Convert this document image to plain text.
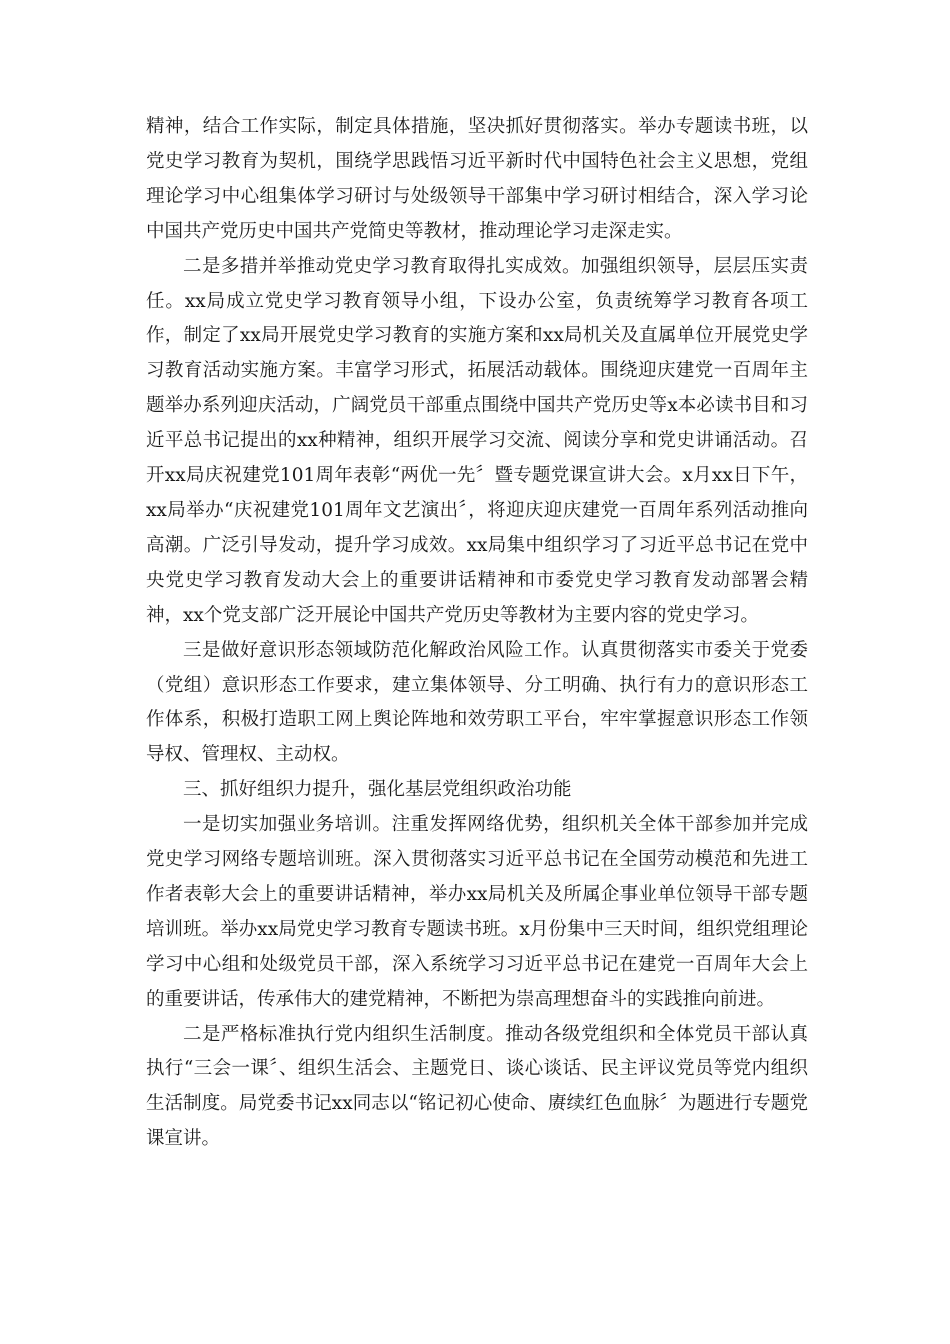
精神，结合工作实际，制定具体措施，坚决抓好贯彻落实。举办专题读书班，以党史学习教育为契机，围绕学思践悟习近平新时代中国特色社会主义思想，党组理论学习中心组集体学习研讨与处级领导干部集中学习研讨相结合，深入学习论中国共产党历史中国共产党简史等教材，推动理论学习走深走实。

二是多措并举推动党史学习教育取得扎实成效。加强组织领导，层层压实责任。xx局成立党史学习教育领导小组，下设办公室，负责统筹学习教育各项工作，制定了xx局开展党史学习教育的实施方案和xx局机关及直属单位开展党史学习教育活动实施方案。丰富学习形式，拓展活动载体。围绕迎庆建党一百周年主题举办系列迎庆活动，广阔党员干部重点围绕中国共产党历史等x本必读书目和习近平总书记提出的xx种精神，组织开展学习交流、阅读分享和党史讲诵活动。召开xx局庆祝建党101周年表彰“两优一先〞暨专题党课宣讲大会。x月xx日下午，xx局举办“庆祝建党101周年文艺演出〞，将迎庆迎庆建党一百周年系列活动推向高潮。广泛引导发动，提升学习成效。xx局集中组织学习了习近平总书记在党中央党史学习教育发动大会上的重要讲话精神和市委党史学习教育发动部署会精神，xx个党支部广泛开展论中国共产党历史等教材为主要内容的党史学习。

三是做好意识形态领域防范化解政治风险工作。认真贯彻落实市委关于党委（党组）意识形态工作要求，建立集体领导、分工明确、执行有力的意识形态工作体系，积极打造职工网上舆论阵地和效劳职工平台，牢牢掌握意识形态工作领导权、管理权、主动权。

三、抓好组织力提升，强化基层党组织政治功能

一是切实加强业务培训。注重发挥网络优势，组织机关全体干部参加并完成党史学习网络专题培训班。深入贯彻落实习近平总书记在全国劳动模范和先进工作者表彰大会上的重要讲话精神，举办xx局机关及所属企事业单位领导干部专题培训班。举办xx局党史学习教育专题读书班。x月份集中三天时间，组织党组理论学习中心组和处级党员干部，深入系统学习习近平总书记在建党一百周年大会上的重要讲话，传承伟大的建党精神，不断把为崇高理想奋斗的实践推向前进。

二是严格标准执行党内组织生活制度。推动各级党组织和全体党员干部认真执行“三会一课〞、组织生活会、主题党日、谈心谈话、民主评议党员等党内组织生活制度。局党委书记xx同志以“铭记初心使命、赓续红色血脉〞为题进行专题党课宣讲。
